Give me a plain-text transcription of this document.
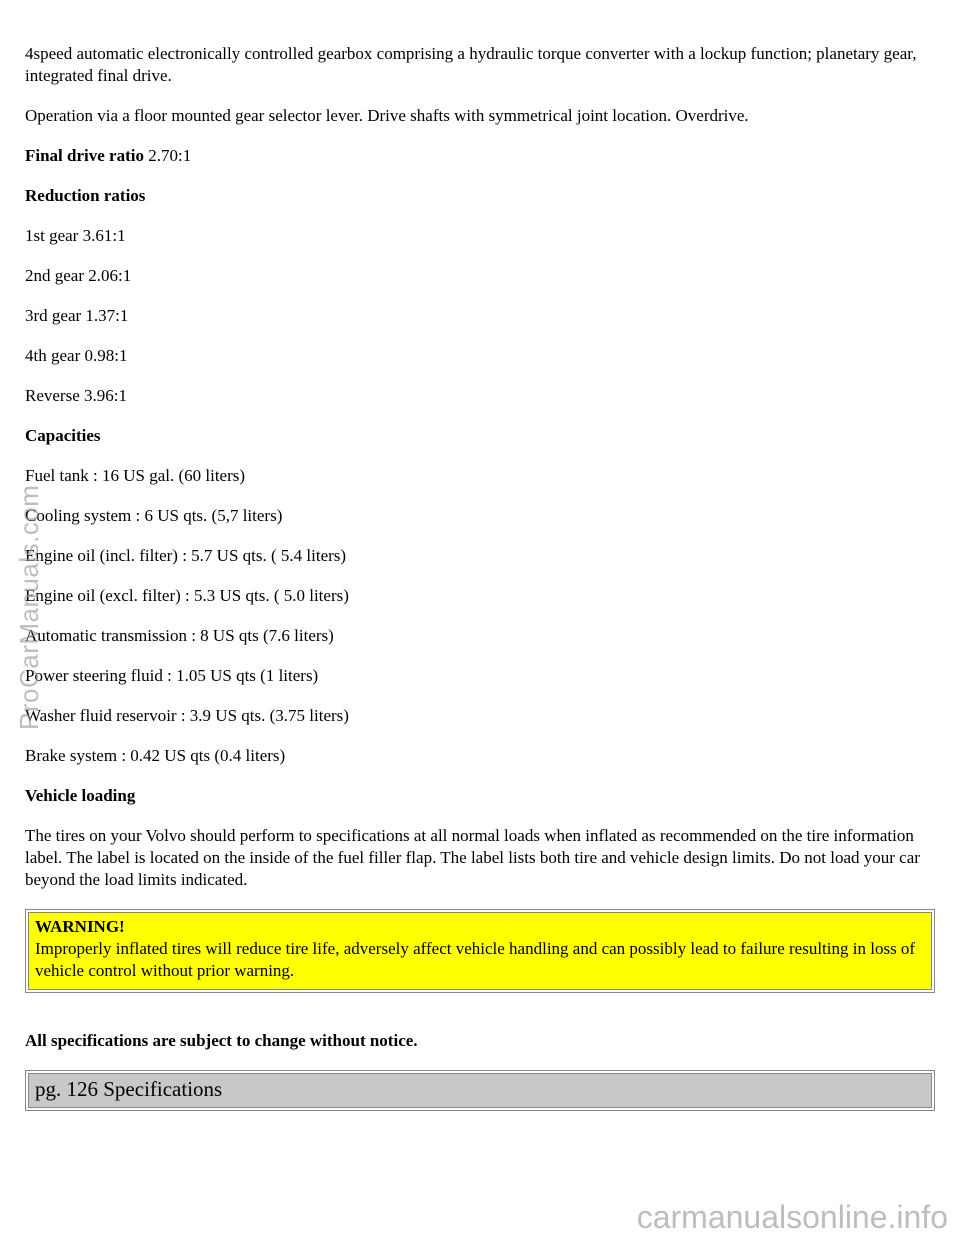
4speed automatic electronically controlled gearbox comprising a hydraulic torque converter with a lockup function; planetary gear, integrated final drive.

Operation via a floor mounted gear selector lever. Drive shafts with symmetrical joint location. Overdrive.

Final drive ratio 2.70:1

Reduction ratios

1st gear 3.61:1

2nd gear 2.06:1

3rd gear 1.37:1

4th gear 0.98:1

Reverse 3.96:1

Capacities

Fuel tank : 16 US gal. (60 liters)

Cooling system : 6 US qts. (5,7 liters)

Engine oil (incl. filter) : 5.7 US qts. ( 5.4 liters)

Engine oil (excl. filter) : 5.3 US qts. ( 5.0 liters)

Automatic transmission : 8 US qts (7.6 liters)

Power steering fluid : 1.05 US qts (1 liters)

Washer fluid reservoir : 3.9 US qts. (3.75 liters)

Brake system : 0.42 US qts (0.4 liters)

Vehicle loading

The tires on your Volvo should perform to specifications at all normal loads when inflated as recommended on the tire information label. The label is located on the inside of the fuel filler flap. The label lists both tire and vehicle design limits. Do not load your car beyond the load limits indicated.

WARNING!
Improperly inflated tires will reduce tire life, adversely affect vehicle handling and can possibly lead to failure resulting in loss of vehicle control without prior warning.

All specifications are subject to change without notice.

pg. 126 Specifications
ProCarManuals.com
carmanualsonline.info
